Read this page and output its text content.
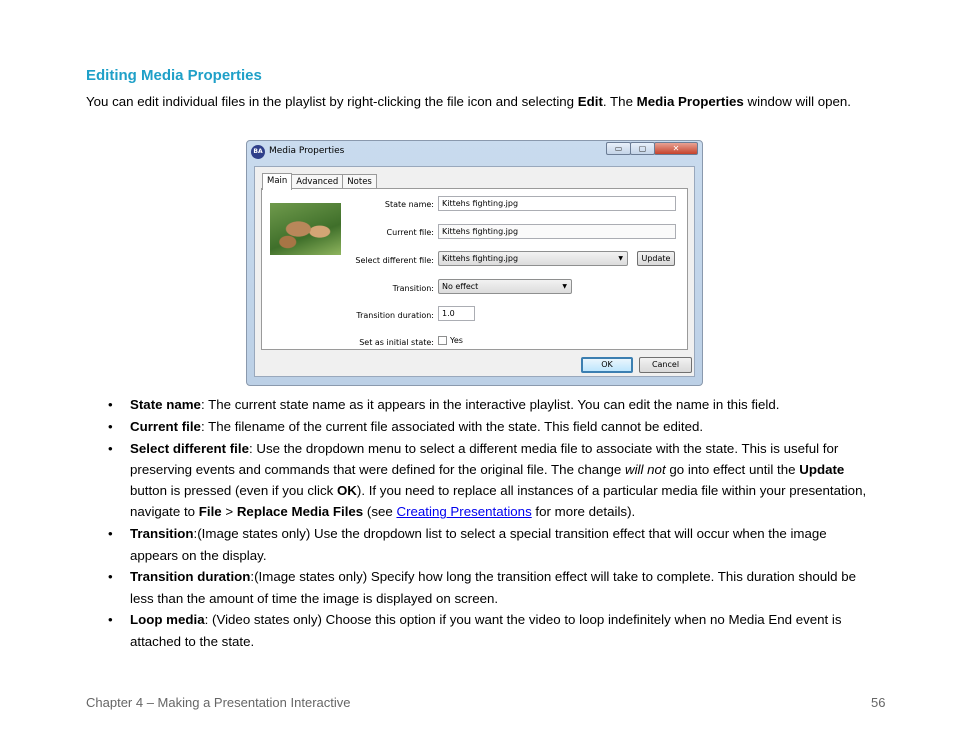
Editing Media Properties
You can edit individual files in the playlist by right-clicking the file icon and selecting Edit. The Media Properties window will open.
BA Media Properties	▭	▢	✕
Main	Advanced	Notes
State name:	Kittehs fighting.jpg
Current file:	Kittehs fighting.jpg
Select different file:	Kittehs fighting.jpg	▼	Update
Transition:	No effect	▼
Transition duration:	1.0
Set as initial state: Yes
OK	Cancel
• State name: The current state name as it appears in the interactive playlist. You can edit the name in this field.
• Current file: The filename of the current file associated with the state. This field cannot be edited.
• Select different file: Use the dropdown menu to select a different media file to associate with the state. This is useful for preserving events and commands that were defined for the original file. The change will not go into effect until the Update button is pressed (even if you click OK). If you need to replace all instances of a particular media file within your presentation, navigate to File > Replace Media Files (see Creating Presentations for more details).
• Transition:(Image states only) Use the dropdown list to select a special transition effect that will occur when the image appears on the display.
• Transition duration:(Image states only) Specify how long the transition effect will take to complete. This duration should be less than the amount of time the image is displayed on screen.
• Loop media: (Video states only) Choose this option if you want the video to loop indefinitely when no Media End event is attached to the state.
Chapter 4 – Making a Presentation Interactive	56
